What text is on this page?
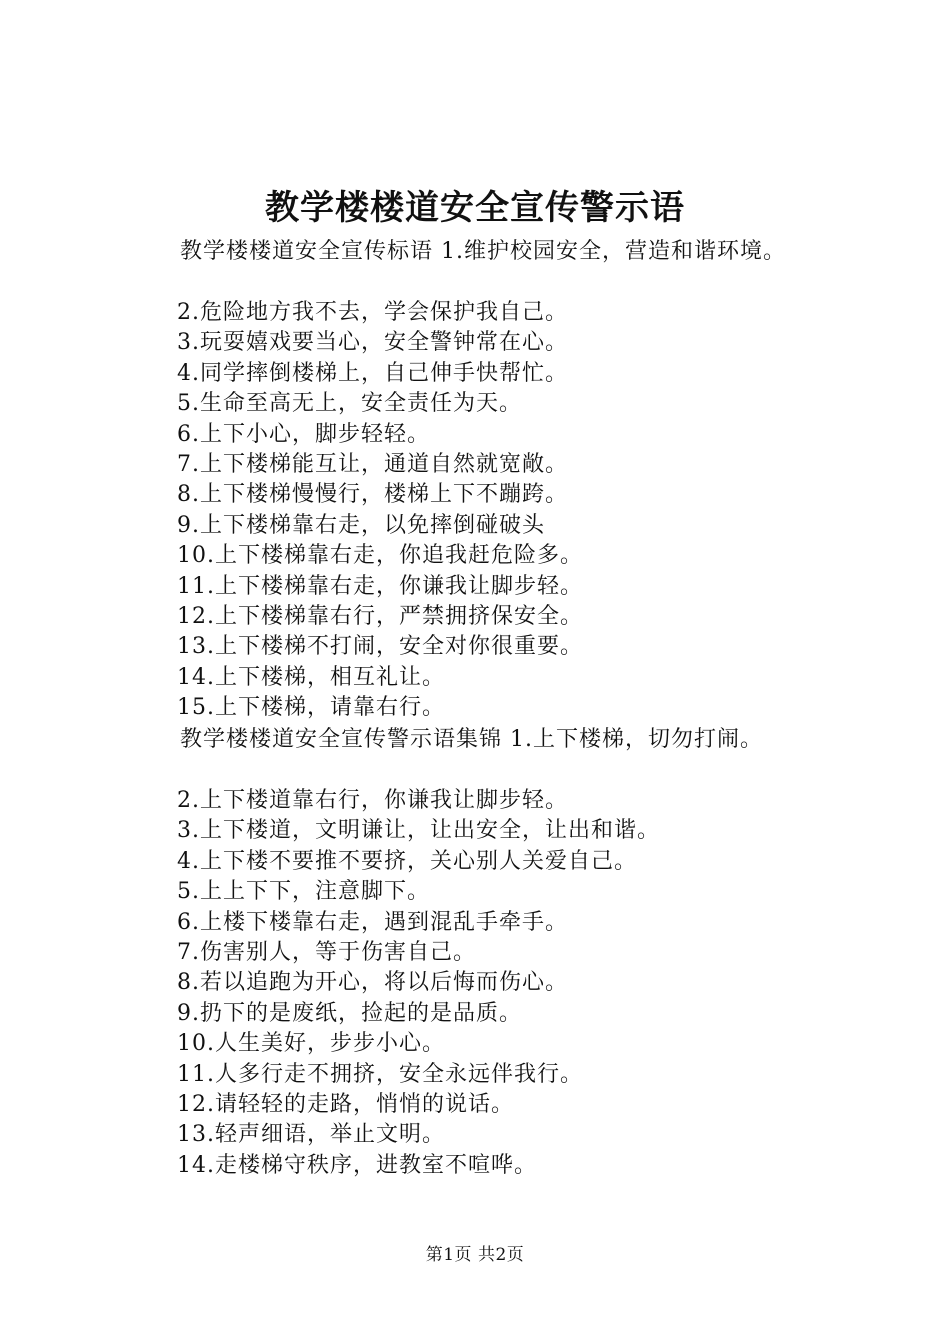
教学楼楼道安全宣传警示语
教学楼楼道安全宣传标语 1.维护校园安全，营造和谐环境。
2.危险地方我不去，学会保护我自己。
3.玩耍嬉戏要当心，安全警钟常在心。
4.同学摔倒楼梯上，自己伸手快帮忙。
5.生命至高无上，安全责任为天。
6.上下小心，脚步轻轻。
7.上下楼梯能互让，通道自然就宽敞。
8.上下楼梯慢慢行，楼梯上下不蹦跨。
9.上下楼梯靠右走，以免摔倒碰破头
10.上下楼梯靠右走，你追我赶危险多。
11.上下楼梯靠右走，你谦我让脚步轻。
12.上下楼梯靠右行，严禁拥挤保安全。
13.上下楼梯不打闹，安全对你很重要。
14.上下楼梯，相互礼让。
15.上下楼梯，请靠右行。
教学楼楼道安全宣传警示语集锦 1.上下楼梯，切勿打闹。
2.上下楼道靠右行，你谦我让脚步轻。
3.上下楼道，文明谦让，让出安全，让出和谐。
4.上下楼不要推不要挤，关心别人关爱自己。
5.上上下下，注意脚下。
6.上楼下楼靠右走，遇到混乱手牵手。
7.伤害别人，等于伤害自己。
8.若以追跑为开心，将以后悔而伤心。
9.扔下的是废纸，捡起的是品质。
10.人生美好，步步小心。
11.人多行走不拥挤，安全永远伴我行。
12.请轻轻的走路，悄悄的说话。
13.轻声细语，举止文明。
14.走楼梯守秩序，进教室不喧哗。
第1页 共2页
